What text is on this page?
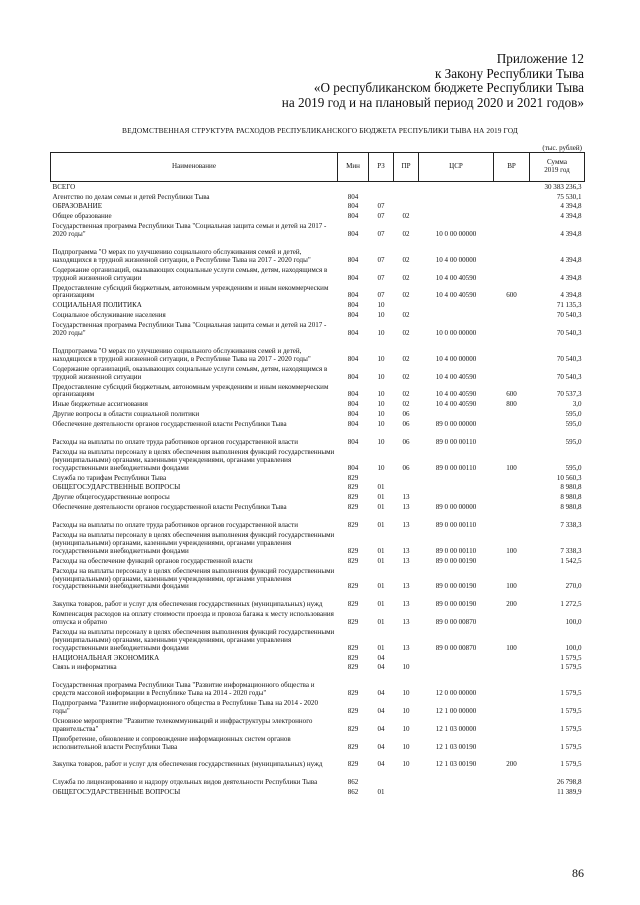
Приложение 12
к Закону Республики Тыва
«О республиканском бюджете Республики Тыва
на 2019 год и на плановый период 2020 и 2021 годов»
ВЕДОМСТВЕННАЯ СТРУКТУРА РАСХОДОВ РЕСПУБЛИКАНСКОГО БЮДЖЕТА РЕСПУБЛИКИ ТЫВА НА 2019 ГОД
(тыс. рублей)
Наименование	Мин	РЗ	ПР	ЦСР	ВР	Сумма
2019 год

ВСЕГО						30 383 236,3
Агентство по делам семьи и детей Республики Тыва	804					75 530,1
ОБРАЗОВАНИЕ	804	07				4 394,8
Общее образование	804	07	02			4 394,8
Государственная программа Республики Тыва "Социальная защита семьи и детей на 2017 - 2020 годы"	804	07	02	10 0 00 00000		4 394,8
Подпрограмма "О мерах по улучшению социального обслуживания семей и детей, находящихся в трудной жизненной ситуации, в Республике Тыва на 2017 - 2020 годы"	804	07	02	10 4 00 00000		4 394,8
Содержание организаций, оказывающих социальные услуги семьям, детям, находящимся в трудной жизненной ситуации	804	07	02	10 4 00 40590		4 394,8
Предоставление субсидий бюджетным, автономным учреждениям и иным некоммерческим организациям	804	07	02	10 4 00 40590	600	4 394,8
СОЦИАЛЬНАЯ ПОЛИТИКА	804	10				71 135,3
Социальное обслуживание населения	804	10	02			70 540,3
Государственная программа Республики Тыва "Социальная защита семьи и детей на 2017 - 2020 годы"	804	10	02	10 0 00 00000		70 540,3
Подпрограмма "О мерах по улучшению социального обслуживания семей и детей, находящихся в трудной жизненной ситуации, в Республике Тыва на 2017 - 2020 годы"	804	10	02	10 4 00 00000		70 540,3
Содержание организаций, оказывающих социальные услуги семьям, детям, находящимся в трудной жизненной ситуации	804	10	02	10 4 00 40590		70 540,3
Предоставление субсидий бюджетным, автономным учреждениям и иным некоммерческим организациям	804	10	02	10 4 00 40590	600	70 537,3
Иные бюджетные ассигнования	804	10	02	10 4 00 40590	800	3,0
Другие вопросы в области социальной политики	804	10	06			595,0
Обеспечение деятельности органов государственной власти Республики Тыва	804	10	06	89 0 00 00000		595,0
Расходы на выплаты по оплате труда работников органов государственной власти	804	10	06	89 0 00 00110		595,0
Расходы на выплаты персоналу в целях обеспечения выполнения функций государственными (муниципальными) органами, казенными учреждениями, органами управления государственными внебюджетными фондами	804	10	06	89 0 00 00110	100	595,0
Служба по тарифам Республики Тыва	829					10 560,3
ОБЩЕГОСУДАРСТВЕННЫЕ ВОПРОСЫ	829	01				8 980,8
Другие общегосударственные вопросы	829	01	13			8 980,8
Обеспечение деятельности органов государственной власти Республики Тыва	829	01	13	89 0 00 00000		8 980,8
Расходы на выплаты по оплате труда работников органов государственной власти	829	01	13	89 0 00 00110		7 338,3
Расходы на выплаты персоналу в целях обеспечения выполнения функций государственными (муниципальными) органами, казенными учреждениями, органами управления государственными внебюджетными фондами	829	01	13	89 0 00 00110	100	7 338,3
Расходы на обеспечение функций органов государственной власти	829	01	13	89 0 00 00190		1 542,5
Расходы на выплаты персоналу в целях обеспечения выполнения функций государственными (муниципальными) органами, казенными учреждениями, органами управления государственными внебюджетными фондами	829	01	13	89 0 00 00190	100	270,0
Закупка товаров, работ и услуг для обеспечения государственных (муниципальных) нужд	829	01	13	89 0 00 00190	200	1 272,5
Компенсация расходов на оплату стоимости проезда и провоза багажа к месту использования отпуска и обратно	829	01	13	89 0 00 00870		100,0
Расходы на выплаты персоналу в целях обеспечения выполнения функций государственными (муниципальными) органами, казенными учреждениями, органами управления государственными внебюджетными фондами	829	01	13	89 0 00 00870	100	100,0
НАЦИОНАЛЬНАЯ ЭКОНОМИКА	829	04				1 579,5
Связь и информатика	829	04	10			1 579,5
Государственная программа Республики Тыва "Развитие информационного общества и средств массовой информации в Республике Тыва на 2014 - 2020 годы"	829	04	10	12 0 00 00000		1 579,5
Подпрограмма "Развитие информационного общества в Республике Тыва на 2014 - 2020 годы"	829	04	10	12 1 00 00000		1 579,5
Основное мероприятие "Развитие телекоммуникаций и инфраструктуры электронного правительства"	829	04	10	12 1 03 00000		1 579,5
Приобретение, обновление и сопровождение информационных систем органов исполнительной власти Республики Тыва	829	04	10	12 1 03 00190		1 579,5
Закупка товаров, работ и услуг для обеспечения государственных (муниципальных) нужд	829	04	10	12 1 03 00190	200	1 579,5
Служба по лицензированию и надзору отдельных видов деятельности Республики Тыва	862					26 798,8
ОБЩЕГОСУДАРСТВЕННЫЕ ВОПРОСЫ	862	01				11 389,9
86
